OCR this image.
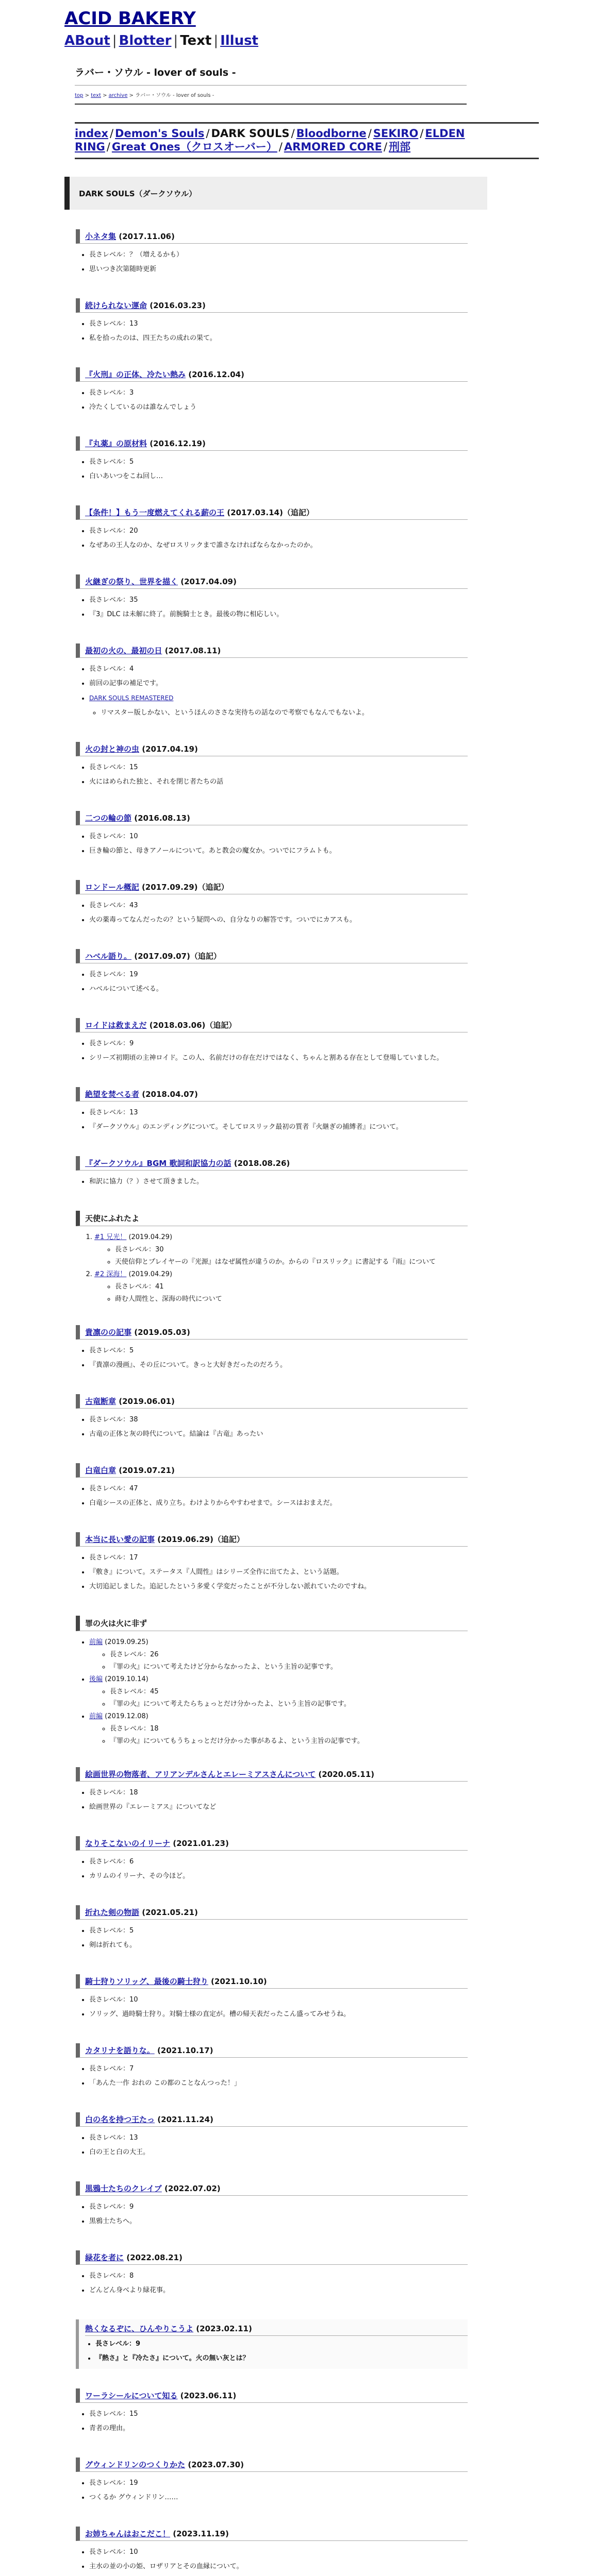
ACID BAKERY
ABout | Blotter | Text | Illust
ラバー・ソウル - lover of souls -
top > text > archive > ラバー・ソウル - lover of souls -
index / Demon's Souls / DARK SOULS / Bloodborne / SEKIRO / ELDEN RING / Great Ones（クロスオーバー） / ARMORED CORE / 刑部
DARK SOULS（ダークソウル）
小ネタ集 (2017.11.06)
• 長さレベル：？（増えるかも）
• 思いつき次第随時更新
続けられない運命 (2016.03.23)
• 長さレベル：13
• 私を拾ったのは、四王たちの成れの果て。
『火刑』の正体、冷たい熱み (2016.12.04)
• 長さレベル：3
• 冷たくしているのは誰なんでしょう
『丸薬』の原材料 (2016.12.19)
• 長さレベル：5
• 白いあいつをこね回し…
【条件！】もう一度燃えてくれる薪の王 (2017.03.14)（追記）
• 長さレベル：20
• なぜあの王人なのか、なぜロスリックまで誰さなければならなかったのか。
火継ぎの祭り、世界を描く (2017.04.09)
• 長さレベル：35
• 『3』DLC は未解に終了。前腕騎士とき。最後の物に相応しい。
最初の火の、最初の日 (2017.08.11)
• 長さレベル：4
• 前回の記事の補足です。
• DARK SOULS REMASTERED
◦ リマスター版しかない、というほんのささな実待ちの話なので考察でもなんでもないよ。
火の封と神の虫 (2017.04.19)
• 長さレベル：15
• 火にはめられた独と、それを閉じ者たちの話
二つの輪の節 (2016.08.13)
• 長さレベル：10
• 巨き輪の節と、母きアノールについて。あと教会の魔女か。ついでにフラムトも。
ロンドール概記 (2017.09.29)（追記）
• 長さレベル：43
• 火の薬毒ってなんだったの？という疑問への、自分なりの解答です。ついでにカアスも。
ハベル語り。 (2017.09.07)（追記）
• 長さレベル：19
• ハベルについて述べる。
ロイドは救まえだ (2018.03.06)（追記）
• 長さレベル：9
• シリーズ初期頃の主神ロイド。この人、名前だけの存在だけではなく、ちゃんと割ある存在として登場していました。
絶望を焚べる者 (2018.04.07)
• 長さレベル：13
• 『ダークソウル』のエンディングについて。そしてロスリック最初の質者『火継ぎの捕縛者』について。
『ダークソウル』BGM 歌詞和訳協力の話 (2018.08.26)
• 和訳に協力（？）させて頂きました。
天使にふれたよ
1. #1 兄光！ (2019.04.29)
◦ 長さレベル：30
◦ 天使信仰とプレイヤーの『光源』はなぜ属性が違うのか。からの『ロスリック』に書記する『雨』について
2. #2 深海！ (2019.04.29)
◦ 長さレベル：41
◦ 蒔む人間性と、深海の時代について
貴凛のの記事 (2019.05.03)
• 長さレベル：5
• 『貴凛の漫画』、その丘について。きっと大好きだったのだろう。
古竜断章 (2019.06.01)
• 長さレベル：38
• 古竜の正体と灰の時代について。結論は『古竜』あったい
白竜白章 (2019.07.21)
• 長さレベル：47
• 白竜シースの正体と、成り立ち。わけよりからやすわせまで。シースはおまえだ。
本当に長い愛の記事 (2019.06.29)（追記）
• 長さレベル：17
• 『敷き』について。ステータス『人間性』はシリーズ全作に出てたよ、という話題。
• 大切追記しました。追記したという多愛く学変だったことが不分しない派れていたのですね。
罪の火は火に非ず
• 前編 (2019.09.25)
◦ 長さレベル：26
◦ 『罪の火』について考えたけど分からなかったよ、という主旨の記事です。
• 後編 (2019.10.14)
◦ 長さレベル：45
◦ 『罪の火』について考えたらちょっとだけ分かったよ、という主旨の記事です。
• 前編 (2019.12.08)
◦ 長さレベル：18
◦ 『罪の火』についてもうちょっとだけ分かった事があるよ、という主旨の記事です。
絵画世界の物落者、アリアンデルさんとエレーミアスさんについて (2020.05.11)
• 長さレベル：18
• 絵画世界の『エレーミアス』についてなど
なりそこないのイリーナ (2021.01.23)
• 長さレベル：6
• カリムのイリーナ、その今ほど。
折れた剣の物語 (2021.05.21)
• 長さレベル：5
• 剣は折れても。
騎士狩りソリッグ、最後の騎士狩り (2021.10.10)
• 長さレベル：10
• ソリッグ、過時騎士狩り。対騎士様の直定が。槽の帰天表だったこん盛ってみせうね。
カタリナを語りな。 (2021.10.17)
• 長さレベル：7
• 「あんた一作 おれの この都のことなんつった！」
白の名を持つ王たっ (2021.11.24)
• 長さレベル：13
• 白の王と白の大王。
黒鴉士たちのクレイブ (2022.07.02)
• 長さレベル：9
• 黒鴉士たちへ。
緑花を者に (2022.08.21)
• 長さレベル：8
• どんどん身べより緑花事。
熱くなるぞに、ひんやりこうよ (2023.02.11)
• 長さレベル：9
• 『熱さ』と『冷たさ』について。火の無い灰とは？
ワーラシールについて知る (2023.06.11)
• 長さレベル：15
• 青者の理由。
グウィンドリンのつくりかた (2023.07.30)
• 長さレベル：19
• つくるか グウィンドリン……
お姉ちゃんはおこだこ！ (2023.11.19)
• 長さレベル：10
• 主水の並の小の姫、ロザリアとその血縁について。
